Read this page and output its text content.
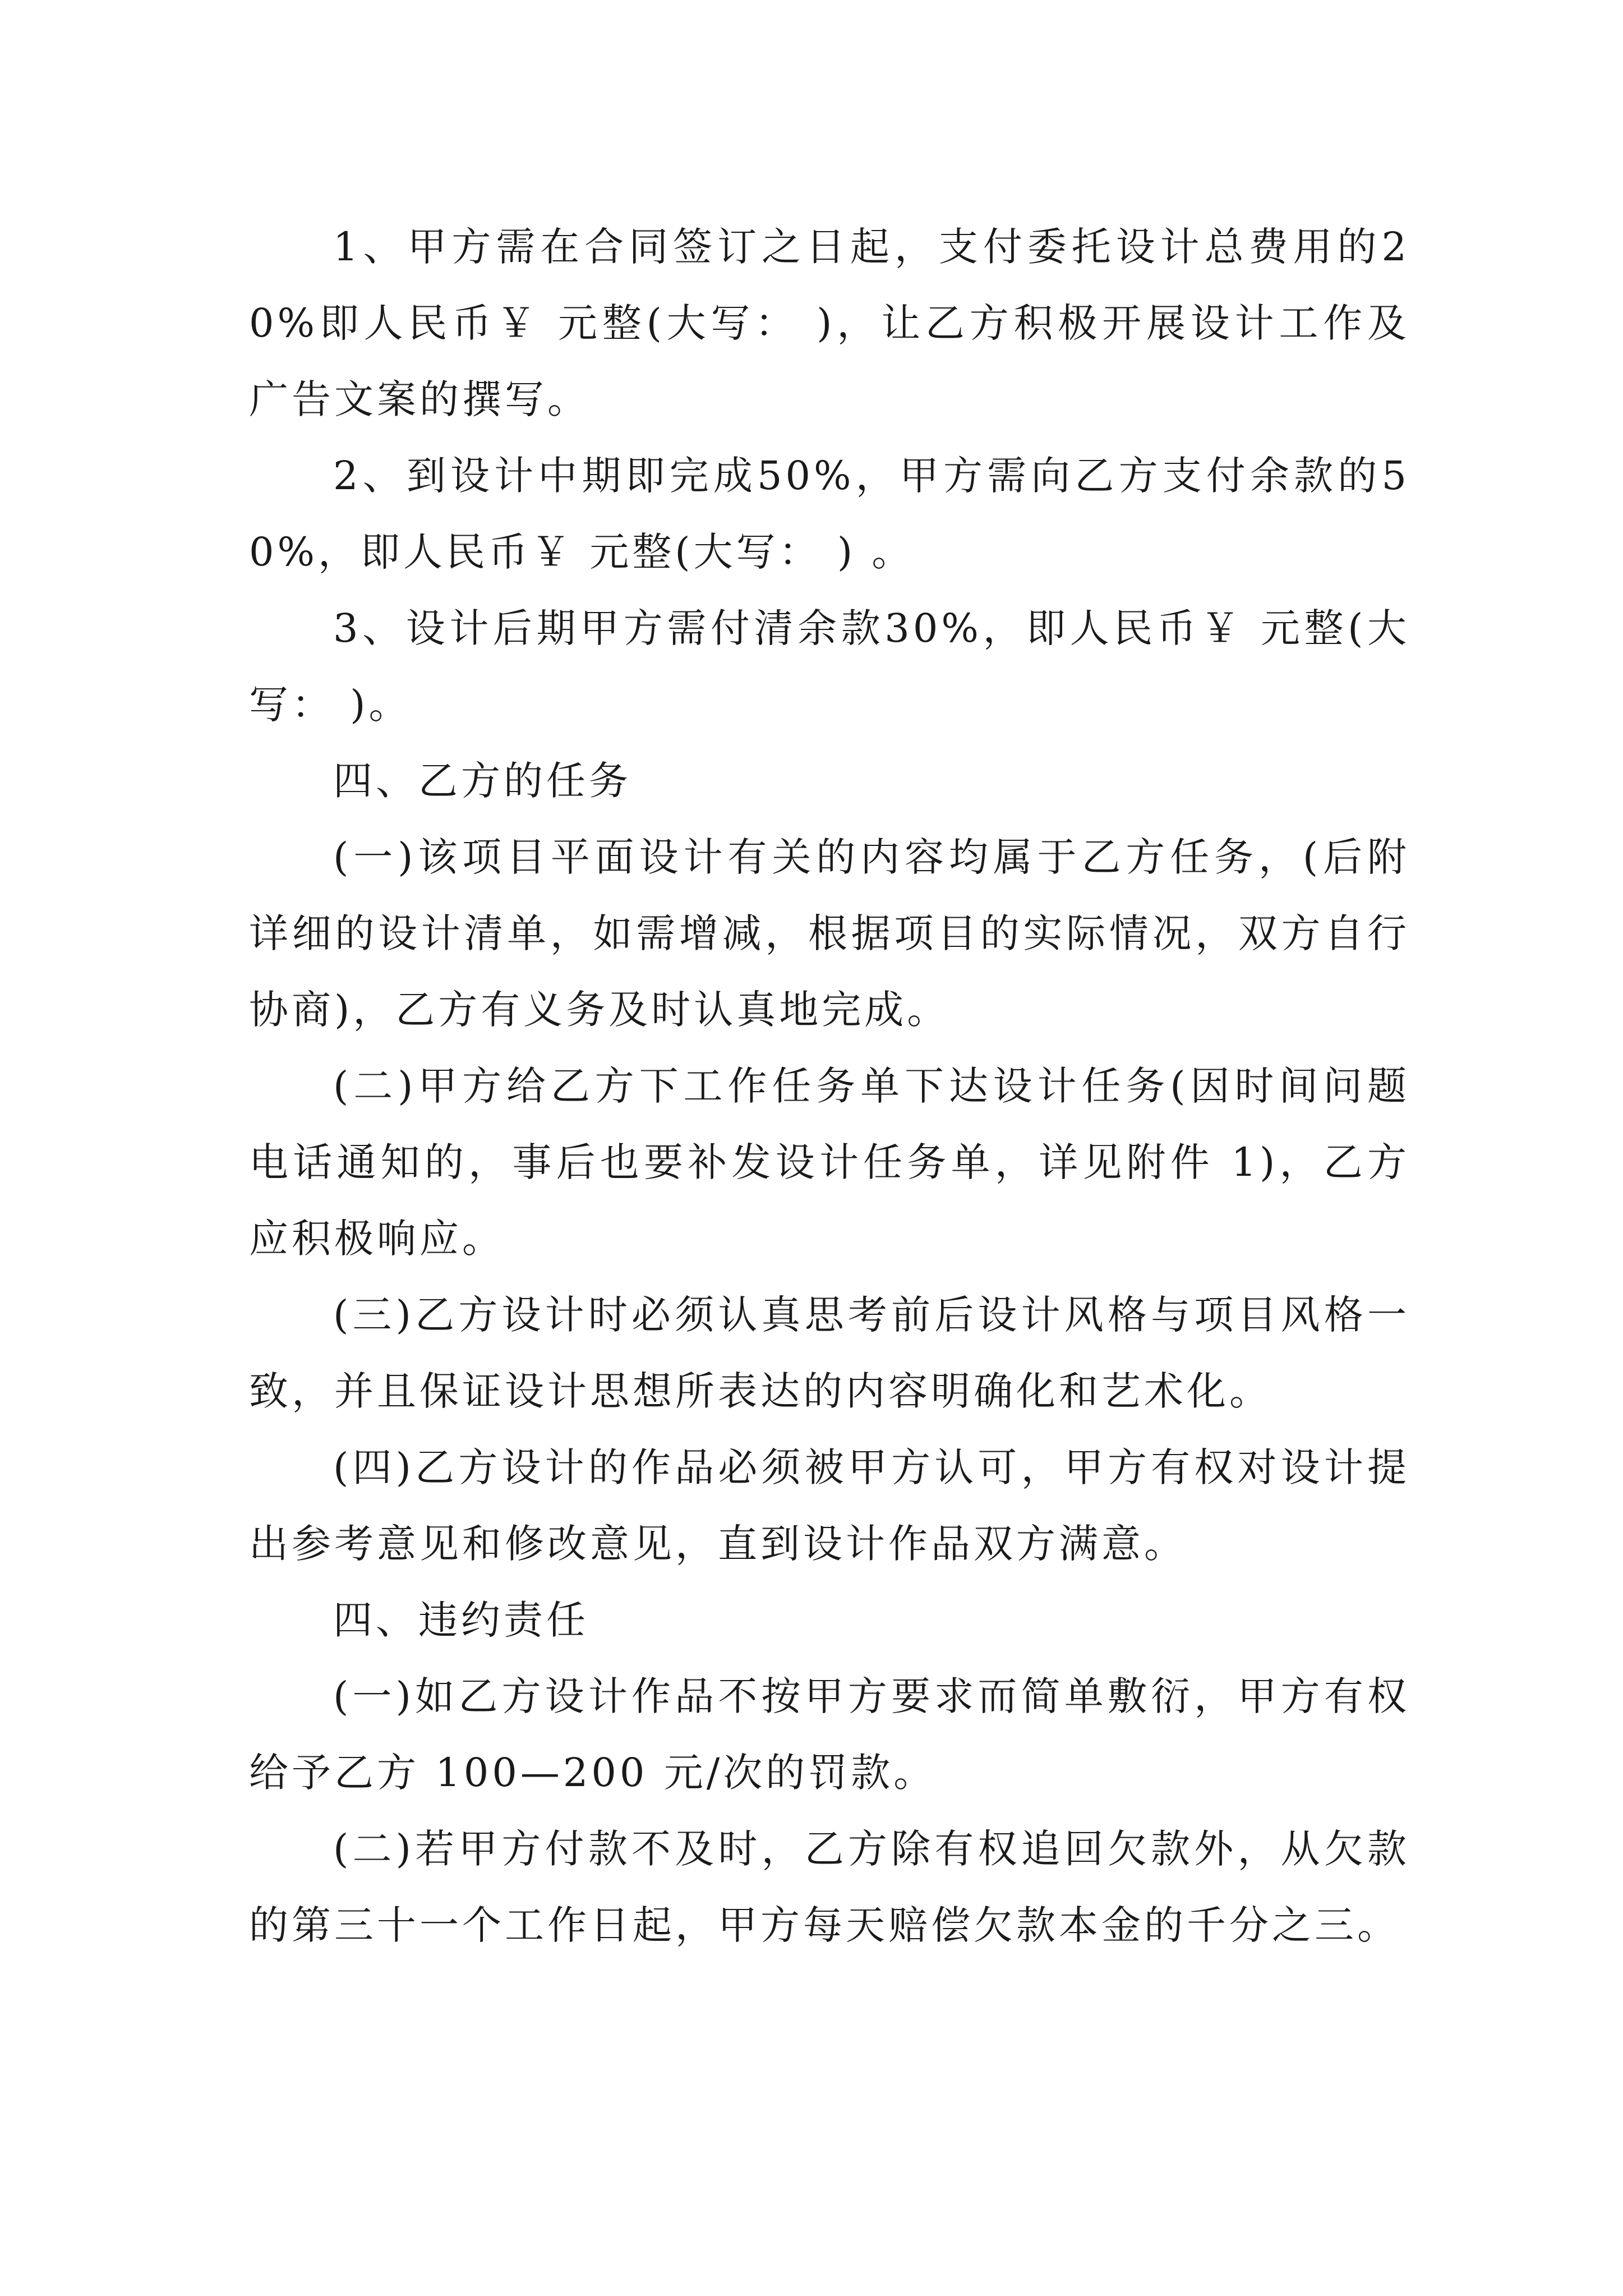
1、甲方需在合同签订之日起，支付委托设计总费用的20%即人民币￥ 元整(大写： )，让乙方积极开展设计工作及广告文案的撰写。

2、到设计中期即完成50%，甲方需向乙方支付余款的50%，即人民币￥ 元整(大写： ) 。

3、设计后期甲方需付清余款30%，即人民币￥ 元整(大写： )。

四、乙方的任务

(一)该项目平面设计有关的内容均属于乙方任务，(后附详细的设计清单，如需增减，根据项目的实际情况，双方自行协商)，乙方有义务及时认真地完成。

(二)甲方给乙方下工作任务单下达设计任务(因时间问题电话通知的，事后也要补发设计任务单，详见附件 1)，乙方应积极响应。

(三)乙方设计时必须认真思考前后设计风格与项目风格一致，并且保证设计思想所表达的内容明确化和艺术化。

(四)乙方设计的作品必须被甲方认可，甲方有权对设计提出参考意见和修改意见，直到设计作品双方满意。

四、违约责任

(一)如乙方设计作品不按甲方要求而简单敷衍，甲方有权给予乙方 100—200 元/次的罚款。

(二)若甲方付款不及时，乙方除有权追回欠款外，从欠款的第三十一个工作日起，甲方每天赔偿欠款本金的千分之三。
